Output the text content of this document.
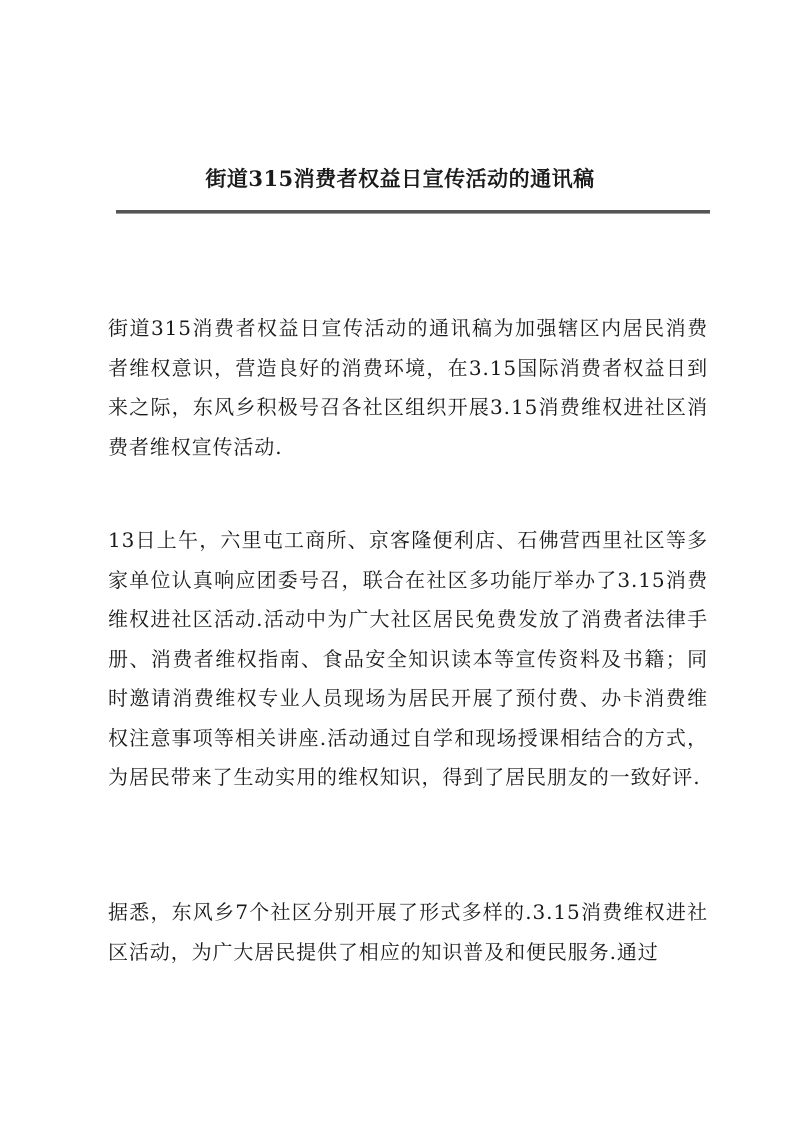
街道315消费者权益日宣传活动的通讯稿

街道315消费者权益日宣传活动的通讯稿为加强辖区内居民消费者维权意识，营造良好的消费环境，在3.15国际消费者权益日到来之际，东风乡积极号召各社区组织开展3.15消费维权进社区消费者维权宣传活动.

13日上午，六里屯工商所、京客隆便利店、石佛营西里社区等多家单位认真响应团委号召，联合在社区多功能厅举办了3.15消费维权进社区活动.活动中为广大社区居民免费发放了消费者法律手册、消费者维权指南、食品安全知识读本等宣传资料及书籍；同时邀请消费维权专业人员现场为居民开展了预付费、办卡消费维权注意事项等相关讲座.活动通过自学和现场授课相结合的方式，为居民带来了生动实用的维权知识，得到了居民朋友的一致好评.

据悉，东风乡7个社区分别开展了形式多样的.3.15消费维权进社区活动，为广大居民提供了相应的知识普及和便民服务.通过
